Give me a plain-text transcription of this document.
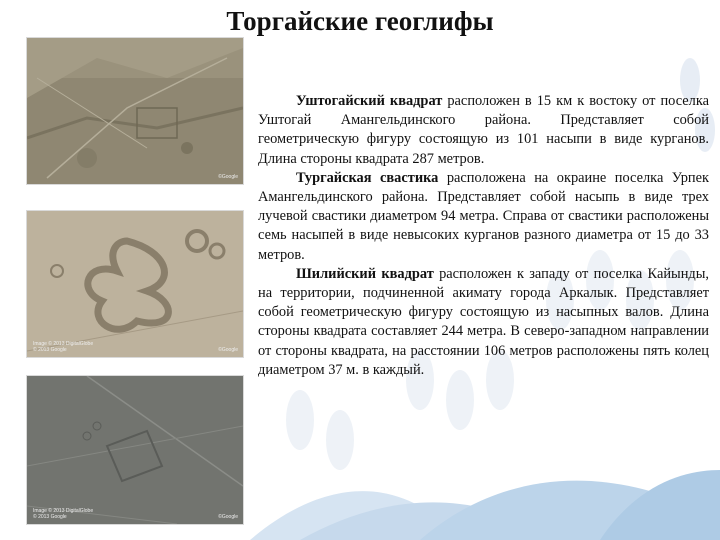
Торгайские геоглифы
©Google
Image © 2013 DigitalGlobe
© 2013 Google	©Google
Image © 2013 DigitalGlobe
© 2013 Google	©Google

Уштогайский квадрат расположен в 15 км к востоку от поселка Уштогай Амангельдинского района. Представляет собой геометрическую фигуру состоящую из 101 насыпи в виде курганов. Длина стороны квадрата 287 метров.

Тургайская свастика расположена на окраине поселка Урпек Амангельдинского района. Представляет собой насыпь в виде трех лучевой свастики диаметром 94 метра. Справа от свастики расположены семь насыпей в виде невысоких курганов разного диаметра от 15 до 33 метров.

Шилийский квадрат расположен к западу от поселка Кайынды, на территории, подчиненной акимату города Аркалык. Представляет собой геометрическую фигуру состоящую из насыпных валов. Длина стороны квадрата составляет 244 метра. В северо-западном направлении от стороны квадрата, на расстоянии 106 метров расположены пять колец диаметром 37 м. в каждый.
